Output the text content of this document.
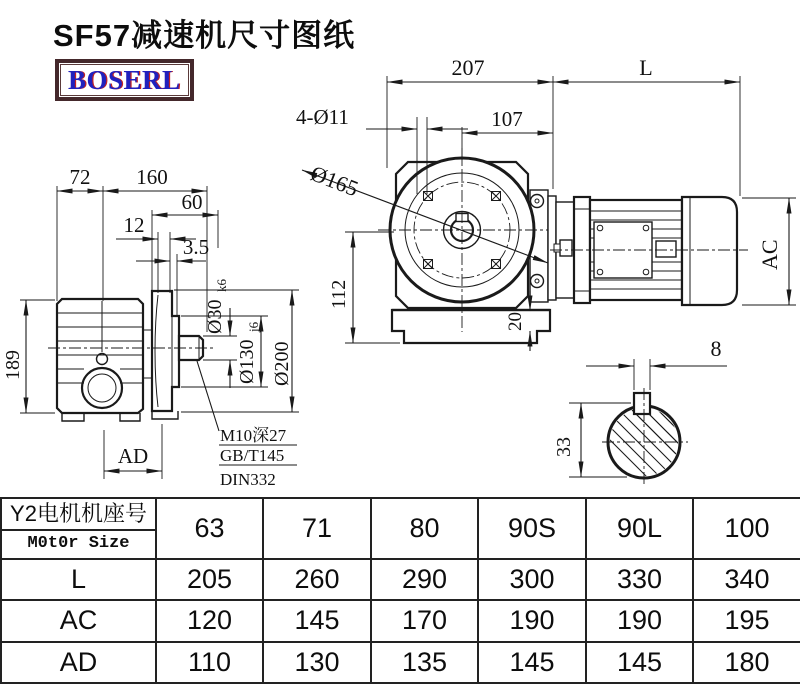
SF57减速机尺寸图纸
BOSERL
72 160
60
12
3.5
Ø30
k6
Ø130
j6
Ø200
189
AD
M10深27
GB/T145
DIN332
207	L
107
4-Ø11
Ø165
112
20
AC
8
33
Y2电机机座号
M0t0r Size	63	71	80	90S	90L	100
L	205	260	290	300	330	340
AC	120	145	170	190	190	195
AD	110	130	135	145	145	180
